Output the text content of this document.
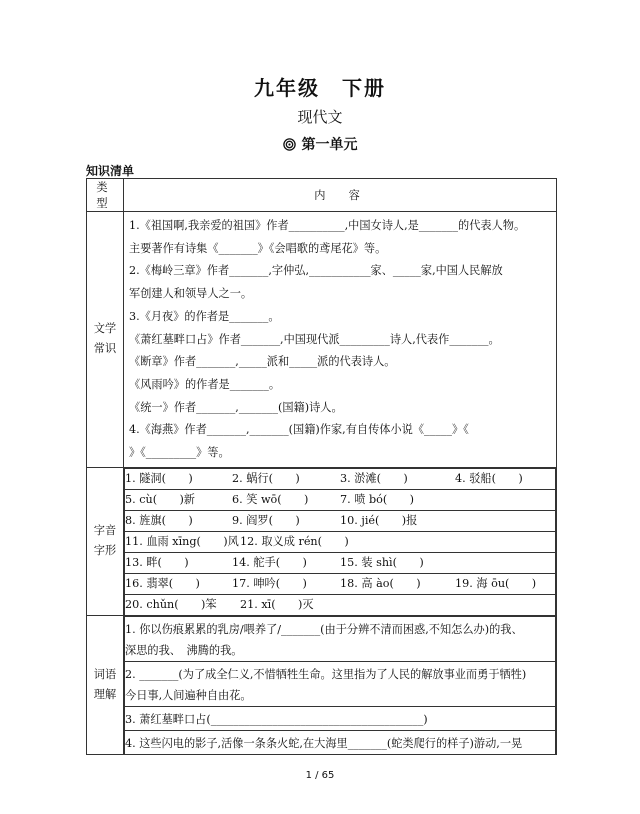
九年级　下册
现代文
第一单元
知识清单
类　型	内　容

文学常识

1.《祖国啊,我亲爱的祖国》作者__________,中国女诗人,是_______的代表人物。
主要著作有诗集《_______》《会唱歌的鸢尾花》等。
2.《梅岭三章》作者_______,字仲弘,___________家、_____家,中国人民解放
军创建人和领导人之一。
3.《月夜》的作者是_______。
《萧红墓畔口占》作者_______,中国现代派_________诗人,代表作_______。
《断章》作者_______,_____派和_____派的代表诗人。
《风雨吟》的作者是_______。
《统一》作者_______,_______(国籍)诗人。
4.《海燕》作者_______,_______(国籍)作家,有自传体小说《_____》《
》《_________》等。

字音字形

1. 隧洞(　　)	2. 蜗行(　　)	3. 淤滩(　　)	4. 驳船(　　)
5. cù(　　)新	6. 笑 wō(　　)	7. 喷 bó(　　)
8. 旌旗(　　)	9. 阎罗(　　)	10. jié(　　)报
11. 血雨 xīng(　　)风12. 取义成 rén(　　)
13. 畔(　　)	14. 舵手(　　)	15. 装 shì(　　)
16. 翡翠(　　)	17. 呻吟(　　)	18. 高 ào(　　)	19. 海 ōu(　　)
20. chǔn(　　)笨 21. xī(　　)灭

词语理解

1. 你以伤痕累累的乳房/喂养了/_______(由于分辨不清而困惑,不知怎么办)的我、
深思的我、　沸腾的我。

2. _______(为了成全仁义,不惜牺牲生命。这里指为了人民的解放事业而勇于牺牲)
今日事,人间遍种自由花。

3. 萧红墓畔口占(______________________________________)

4. 这些闪电的影子,活像一条条火蛇,在大海里_______(蛇类爬行的样子)游动,一晃
1 / 65
